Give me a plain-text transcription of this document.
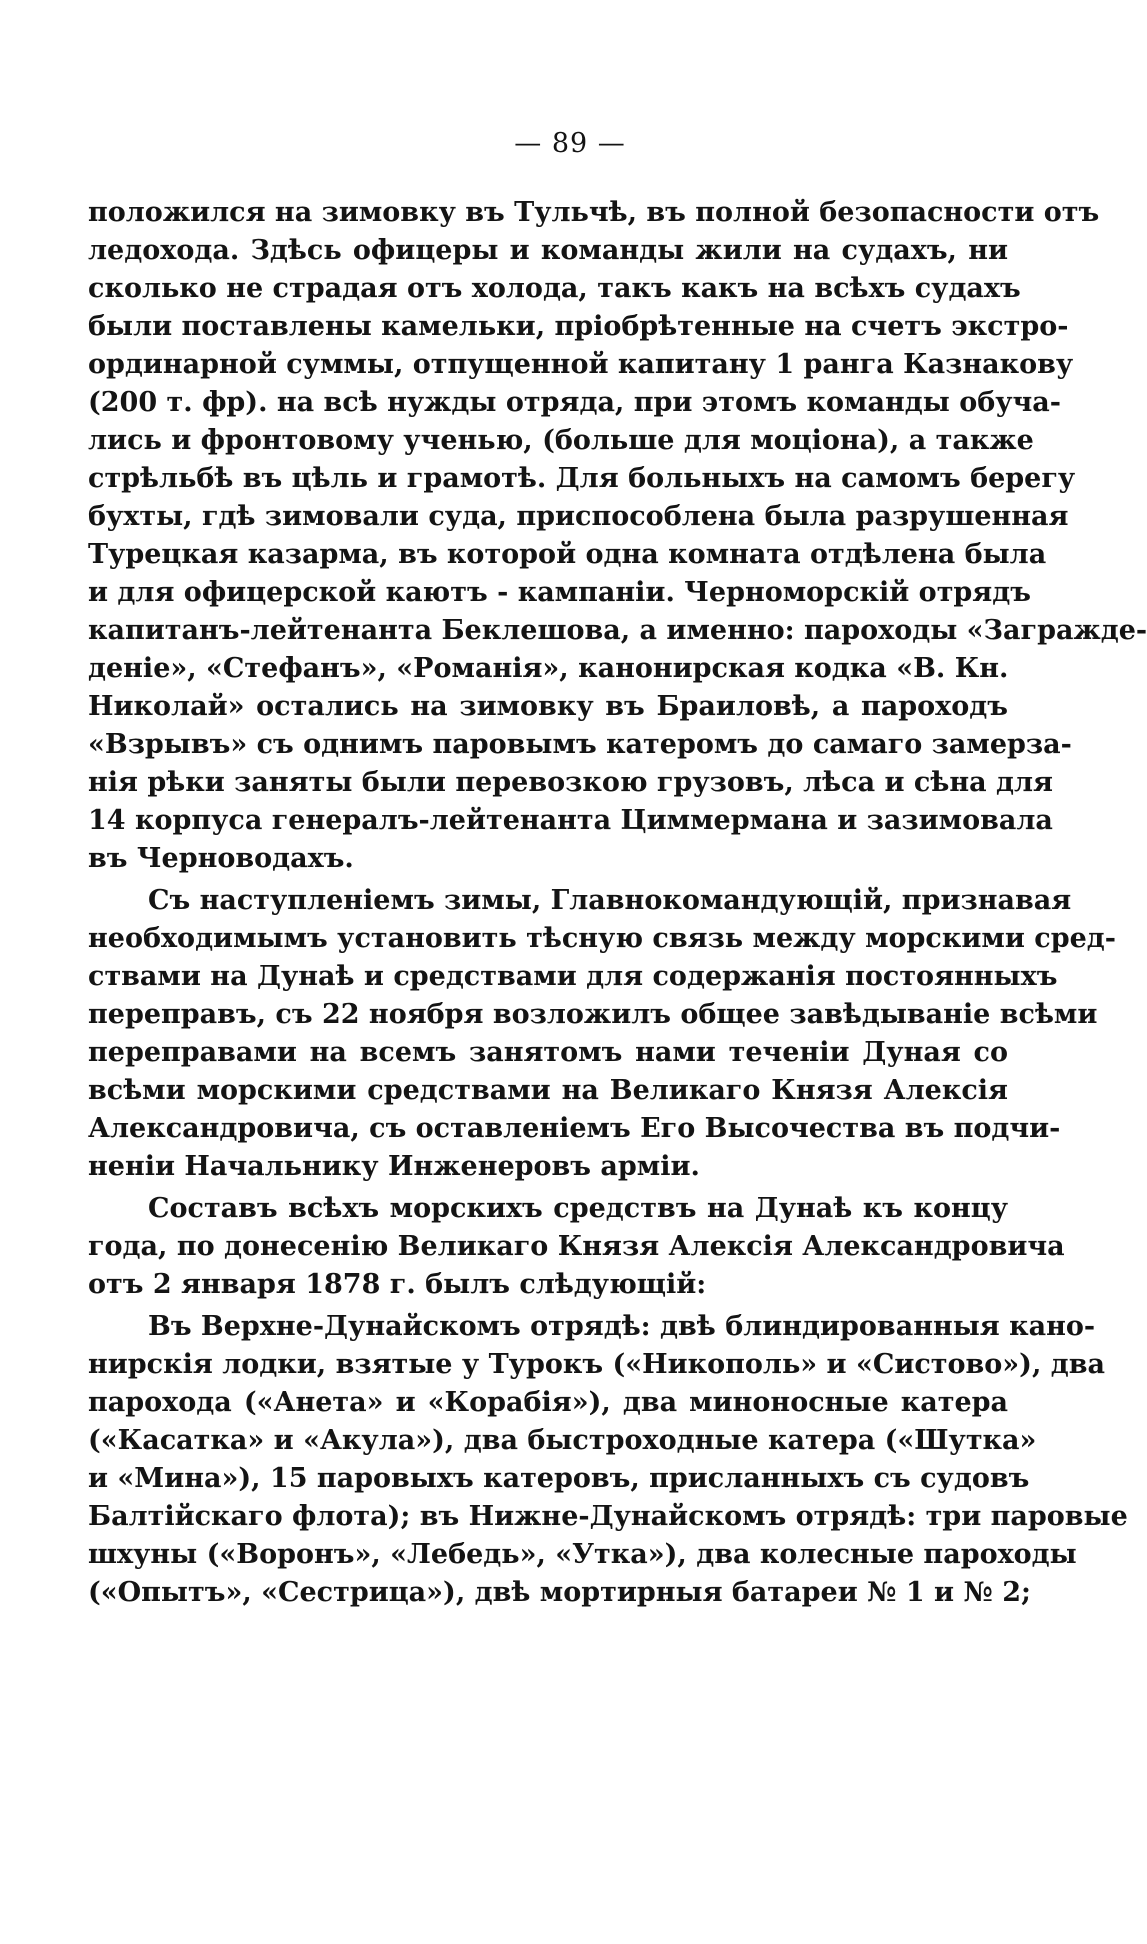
— 89 —
положился на зимовку въ Тульчѣ, въ полной безопасности отъ
ледохода. Здѣсь офицеры и команды жили на судахъ, ни
сколько не страдая отъ холода, такъ какъ на всѣхъ судахъ
были поставлены камельки, пріобрѣтенные на счетъ экстро-
ординарной суммы, отпущенной капитану 1 ранга Казнакову
(200 т. фр). на всѣ нужды отряда, при этомъ команды обуча-
лись и фронтовому ученью, (больше для моціона), а также
стрѣльбѣ въ цѣль и грамотѣ. Для больныхъ на самомъ берегу
бухты, гдѣ зимовали суда, приспособлена была разрушенная
Турецкая казарма, въ которой одна комната отдѣлена была
и для офицерской каютъ - кампаніи. Черноморскій отрядъ
капитанъ-лейтенанта Беклешова, а именно: пароходы «Загражде-
деніе», «Стефанъ», «Романія», канонирская кодка «В. Кн.
Николай» остались на зимовку въ Браиловѣ, а пароходъ
«Взрывъ» съ однимъ паровымъ катеромъ до самаго замерза-
нія рѣки заняты были перевозкою грузовъ, лѣса и сѣна для
14 корпуса генералъ-лейтенанта Циммермана и зазимовала
въ Черноводахъ.
Съ наступленіемъ зимы, Главнокомандующій, признавая
необходимымъ установить тѣсную связь между морскими сред-
ствами на Дунаѣ и средствами для содержанія постоянныхъ
переправъ, съ 22 ноября возложилъ общее завѣдываніе всѣми
переправами на всемъ занятомъ нами теченіи Дуная со
всѣми морскими средствами на Великаго Князя Алексія
Александровича, съ оставленіемъ Его Высочества въ подчи-
неніи Начальнику Инженеровъ арміи.
Составъ всѣхъ морскихъ средствъ на Дунаѣ къ концу
года, по донесенію Великаго Князя Алексія Александровича
отъ 2 января 1878 г. былъ слѣдующій:
Въ Верхне-Дунайскомъ отрядѣ: двѣ блиндированныя кано-
нирскія лодки, взятые у Турокъ («Никополь» и «Систово»), два
парохода («Анета» и «Корабія»), два миноносные катера
(«Касатка» и «Акула»), два быстроходные катера («Шутка»
и «Мина»), 15 паровыхъ катеровъ, присланныхъ съ судовъ
Балтійскаго флота); въ Нижне-Дунайскомъ отрядѣ: три паровые
шхуны («Воронъ», «Лебедь», «Утка»), два колесные пароходы
(«Опытъ», «Сестрица»), двѣ мортирныя батареи № 1 и № 2;
